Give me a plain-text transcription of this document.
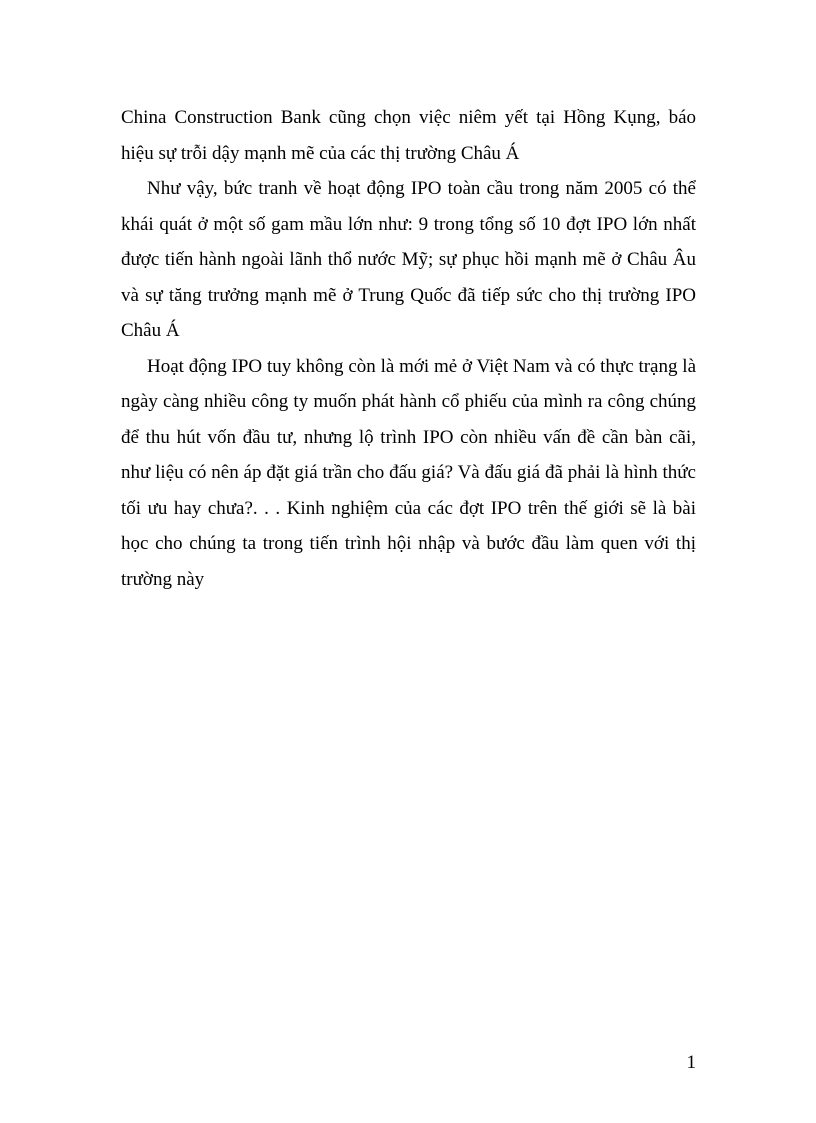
China Construction Bank cũng chọn việc niêm yết tại Hồng Kụng, báo hiệu sự trỗi dậy mạnh mẽ của các thị trường Châu Á

Như vậy, bức tranh về hoạt động IPO toàn cầu trong năm 2005 có thể khái quát ở một số gam mầu lớn như: 9 trong tổng số 10 đợt IPO lớn nhất được tiến hành ngoài lãnh thổ nước Mỹ; sự phục hồi mạnh mẽ ở Châu Âu và sự tăng trưởng mạnh mẽ ở Trung Quốc đã tiếp sức cho thị trường IPO Châu Á

Hoạt động IPO tuy không còn là mới mẻ ở Việt Nam và có thực trạng là ngày càng nhiều công ty muốn phát hành cổ phiếu của mình ra công chúng để thu hút vốn đầu tư, nhưng lộ trình IPO còn nhiều vấn đề cần bàn cãi, như liệu có nên áp đặt giá trần cho đấu giá? Và đấu giá đã phải là hình thức tối ưu hay chưa?. . . Kinh nghiệm của các đợt IPO trên thế giới sẽ là bài học cho chúng ta trong tiến trình hội nhập và bước đầu làm quen với thị trường này

1
